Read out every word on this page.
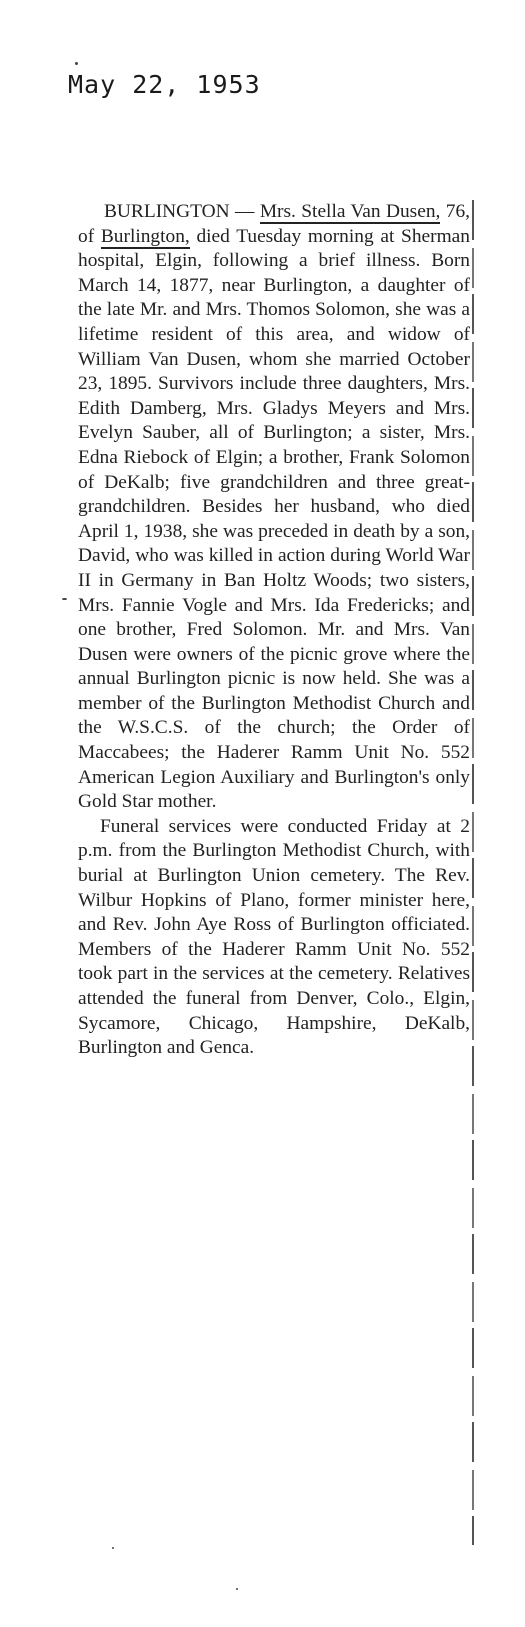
May 22, 1953

BURLINGTON — Mrs. Stella Van Dusen, 76, of Burlington, died Tuesday morning at Sherman hospital, Elgin, following a brief illness. Born March 14, 1877, near Burlington, a daughter of the late Mr. and Mrs. Thomos Solomon, she was a lifetime resident of this area, and widow of William Van Dusen, whom she married October 23, 1895. Survivors include three daughters, Mrs. Edith Damberg, Mrs. Gladys Meyers and Mrs. Evelyn Sauber, all of Burlington; a sister, Mrs. Edna Riebock of Elgin; a brother, Frank Solomon of DeKalb; five grandchildren and three great-grandchildren. Besides her husband, who died April 1, 1938, she was preceded in death by a son, David, who was killed in action during World War II in Germany in Ban Holtz Woods; two sisters, Mrs. Fannie Vogle and Mrs. Ida Fredericks; and one brother, Fred Solomon. Mr. and Mrs. Van Dusen were owners of the picnic grove where the annual Burlington picnic is now held. She was a member of the Burlington Methodist Church and the W.S.C.S. of the church; the Order of Maccabees; the Haderer Ramm Unit No. 552 American Legion Auxiliary and Burlington's only Gold Star mother.

Funeral services were conducted Friday at 2 p.m. from the Burlington Methodist Church, with burial at Burlington Union cemetery. The Rev. Wilbur Hopkins of Plano, former minister here, and Rev. John Aye Ross of Burlington officiated. Members of the Haderer Ramm Unit No. 552 took part in the services at the cemetery. Relatives attended the funeral from Denver, Colo., Elgin, Sycamore, Chicago, Hampshire, DeKalb, Burlington and Genca.
